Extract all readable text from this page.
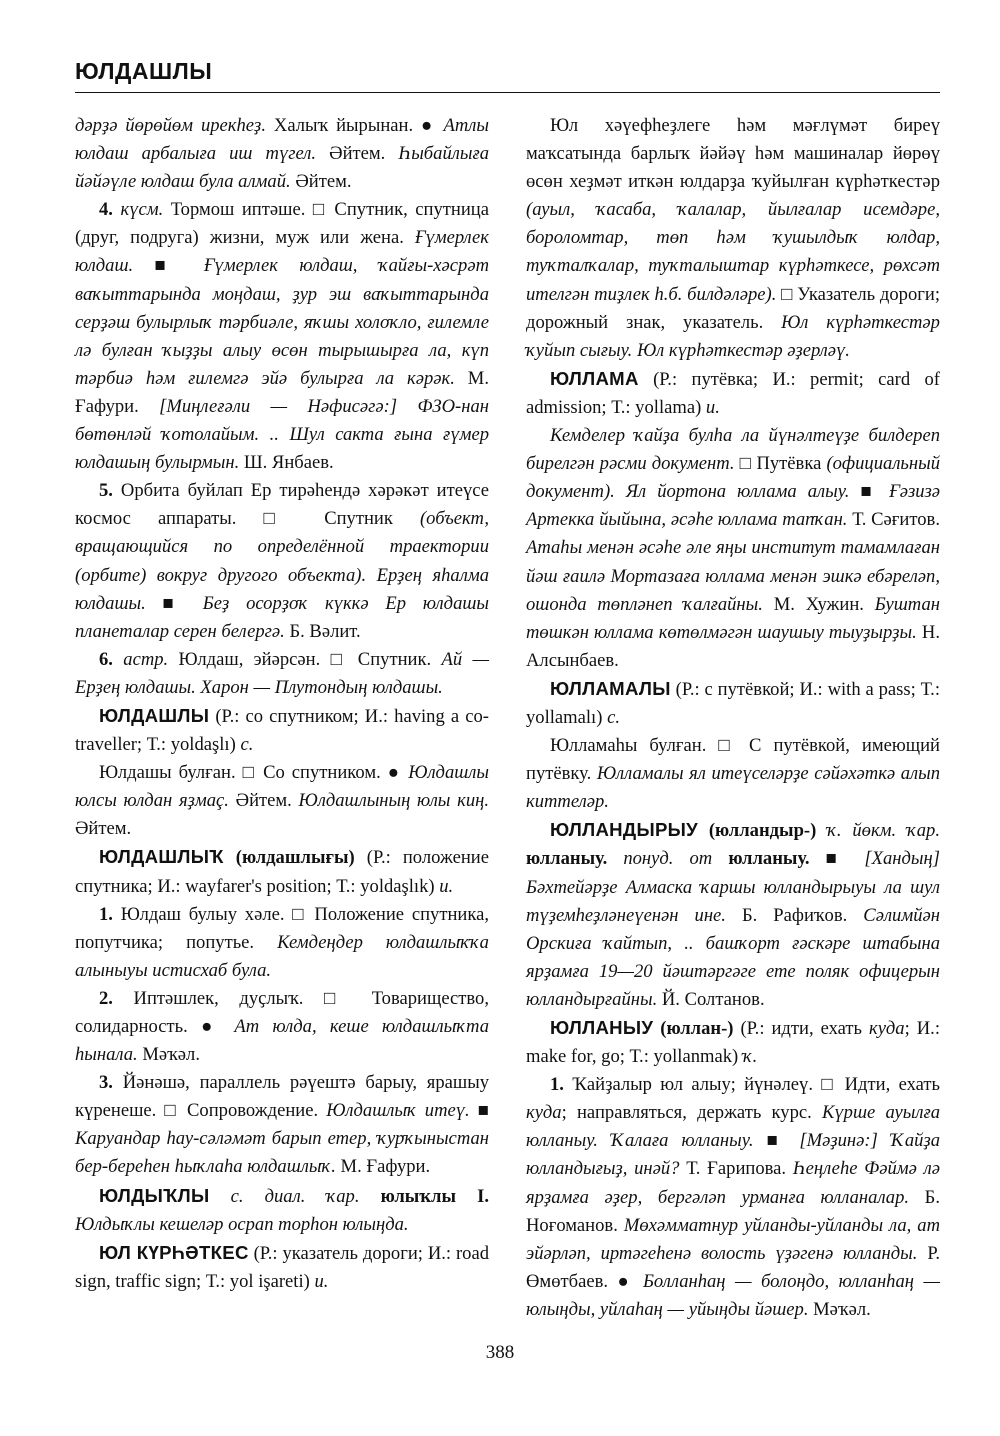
ЮЛДАШЛЫ

дәрҙә йөрөйөм ирекһеҙ. Халыҡ йырынан. ● Атлы юлдаш арбалыға иш түгел. Әйтем. Һыбайлыға йәйәүле юлдаш була алмай. Әйтем.

4. күсм. Тормош иптәше. □ Спутник, спутница (друг, подруга) жизни, муж или жена. Ғүмерлек юлдаш. ■ Ғүмерлек юлдаш, ҡайғы-хәсрәт ваҡыттарында моңдаш, ҙур эш ваҡыттарында серҙәш булырлыҡ тәрбиәле, яҡшы холоҡло, ғилемле лә булған ҡыҙҙы алыу өсөн тырышырға ла, күп тәрбиә һәм ғилемгә эйә булырға ла кәрәк. М. Ғафури. [Миңлеғәли — Нәфисәгә:] ФЗО-нан бөтөнләй ҡотолайым. .. Шул сакта ғына ғүмер юлдашың булырмын. Ш. Янбаев.

5. Орбита буйлап Ер тирәһендә хәрәкәт итеүсе космос аппараты. □ Спутник (объект, вращающийся по определённой траектории (орбите) вокруг другого объекта). Ерҙең яһалма юлдашы. ■ Беҙ осорҙоҡ күккә Ер юлдашы планеталар серен белергә. Б. Вәлит.

6. астр. Юлдаш, эйәрсән. □ Спутник. Ай — Ерҙең юлдашы. Харон — Плутондың юлдашы.

ЮЛДАШЛЫ (Р.: со спутником; И.: having a co-traveller; Т.: yoldaşlı) с.

Юлдашы булған. □ Со спутником. ● Юлдашлы юлсы юлдан яҙмаç. Әйтем. Юлдашлының юлы киң. Әйтем.

ЮЛДАШЛЫҠ (юлдашлығы) (Р.: положение спутника; И.: wayfarer's position; Т.: yoldaşlık) и.

1. Юлдаш булыу хәле. □ Положение спутника, попутчика; попутье. Кемдеңдер юлдашлыҡҡа алыныуы истисхаб була.

2. Иптәшлек, дуҫлыҡ. □ Товарищество, солидарность. ● Ат юлда, кеше юлдашлыҡта һынала. Мәҡәл.

3. Йәнәшә, параллель рәүештә барыу, ярашыу күренеше. □ Сопровождение. Юлдашлыҡ итеү. ■ Каруандар һау-сәләмәт барып етер, ҡурҡыныстан бер-береһен һыҡлаһа юлдашлыҡ. М. Ғафури.

ЮЛДЫҠЛЫ с. диал. ҡар. юлыҡлы I. Юлдыҡлы кешеләр осрап торһон юлыңда.

ЮЛ КҮРҺӘТКЕС (Р.: указатель дороги; И.: road sign, traffic sign; Т.: yol işareti) и.

Юл хәүефһеҙлеге һәм мәғлүмәт биреү маҡсатында барлыҡ йәйәү һәм машиналар йөрөү өсөн хеҙмәт иткән юлдарҙа ҡуйылған күрһәткестәр (ауыл, ҡасаба, ҡалалар, йылғалар исемдәре, бороломтар, төп һәм ҡушылдыҡ юлдар, туҡталҡалар, туҡталыштар күрһәткесе, рөхсәт ителгән тиҙлек һ.б. билдәләре). □ Указатель дороги; дорожный знак, указатель. Юл күрһәткестәр ҡуйып сығыу. Юл күрһәткестәр әҙерләү.

ЮЛЛАМА (Р.: путёвка; И.: permit; card of admission; Т.: yollama) и.

Кемделер ҡайҙа булһа ла йүнәлтеүҙе билдереп бирелгән рәсми документ. □ Путёвка (официальный документ). Ял йортона юллама алыу. ■ Ғәзизә Артекка йыйына, әсәһе юллама тапҡан. Т. Сәғитов. Атаһы менән әсәһе әле яңы институт тамамлаған йәш ғаилә Мортазаға юллама менән эшкә ебәреләп, ошонда төпләнеп ҡалғайны. М. Хужин. Буштан төшкән юллама көтөлмәгән шаушыу тыуҙырҙы. Н. Алсынбаев.

ЮЛЛАМАЛЫ (Р.: с путёвкой; И.: with a pass; Т.: yollamalı) с.

Юлламаһы булған. □ С путёвкой, имеющий путёвку. Юлламалы ял итеүселәрҙе сәйәхәткә алып киттеләр.

ЮЛЛАНДЫРЫУ (юлландыр-) ҡ. йөкм. ҡар. юлланыу. понуд. от юлланыу. ■ [Хандың] Бәхтейәрҙе Алмаска ҡаршы юлландырыуы ла шул түҙемһеҙләнеүенән ине. Б. Рафиҡов. Сәлимйән Орскиға ҡайтып, .. башҡорт ғәскәре штабына ярҙамға 19—20 йәштәргәге ете поляк офицерын юлландырғайны. Й. Солтанов.

ЮЛЛАНЫУ (юллан-) (Р.: идти, ехать куда; И.: make for, go; Т.: yollanmak) ҡ.

1. Ҡайҙалыр юл алыу; йүнәлеү. □ Идти, ехать куда; направляться, держать курс. Күрше ауылға юлланыу. Ҡалаға юлланыу. ■ [Мәҙинә:] Ҡайҙа юлландығыҙ, инәй? Т. Ғарипова. Һеңлеһе Фәймә лә ярҙамға әҙер, бергәләп урманға юлланалар. Б. Ноғоманов. Мөхәмматнур уйланды-уйланды ла, ат эйәрләп, иртәгеһенә волость үҙәгенә юлланды. Р. Өмөтбаев. ● Болланһаң — болоңдо, юлланһаң — юлыңды, уйлаһаң — уйыңды йәшер. Мәҡәл.

388
